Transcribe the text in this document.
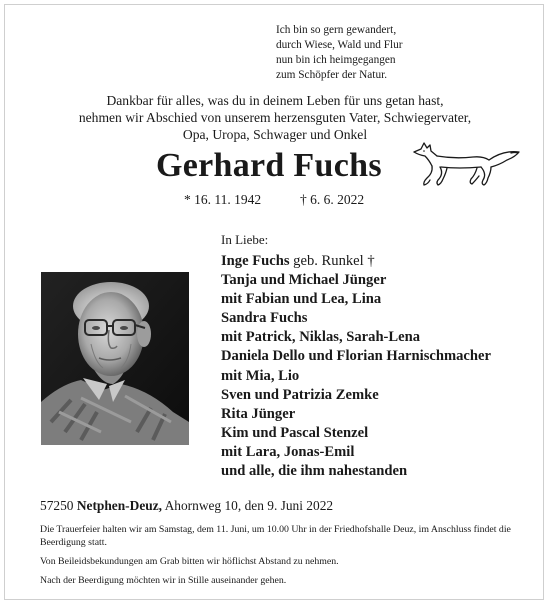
Ich bin so gern gewandert,
durch Wiese, Wald und Flur
nun bin ich heimgegangen
zum Schöpfer der Natur.
Dankbar für alles, was du in deinem Leben für uns getan hast,
nehmen wir Abschied von unserem herzensguten Vater, Schwiegervater,
Opa, Uropa, Schwager und Onkel
Gerhard Fuchs
* 16. 11. 1942	† 6. 6. 2022
In Liebe:
Inge Fuchs geb. Runkel †
Tanja und Michael Jünger
mit Fabian und Lea, Lina
Sandra Fuchs
mit Patrick, Niklas, Sarah-Lena
Daniela Dello und Florian Harnischmacher
mit Mia, Lio
Sven und Patrizia Zemke
Rita Jünger
Kim und Pascal Stenzel
mit Lara, Jonas-Emil
und alle, die ihm nahestanden
57250 Netphen-Deuz, Ahornweg 10, den 9. Juni 2022

Die Trauerfeier halten wir am Samstag, dem 11. Juni, um 10.00 Uhr in der Friedhofshalle Deuz, im Anschluss findet die Beerdigung statt.

Von Beileidsbekundungen am Grab bitten wir höflichst Abstand zu nehmen.

Nach der Beerdigung möchten wir in Stille auseinander gehen.
